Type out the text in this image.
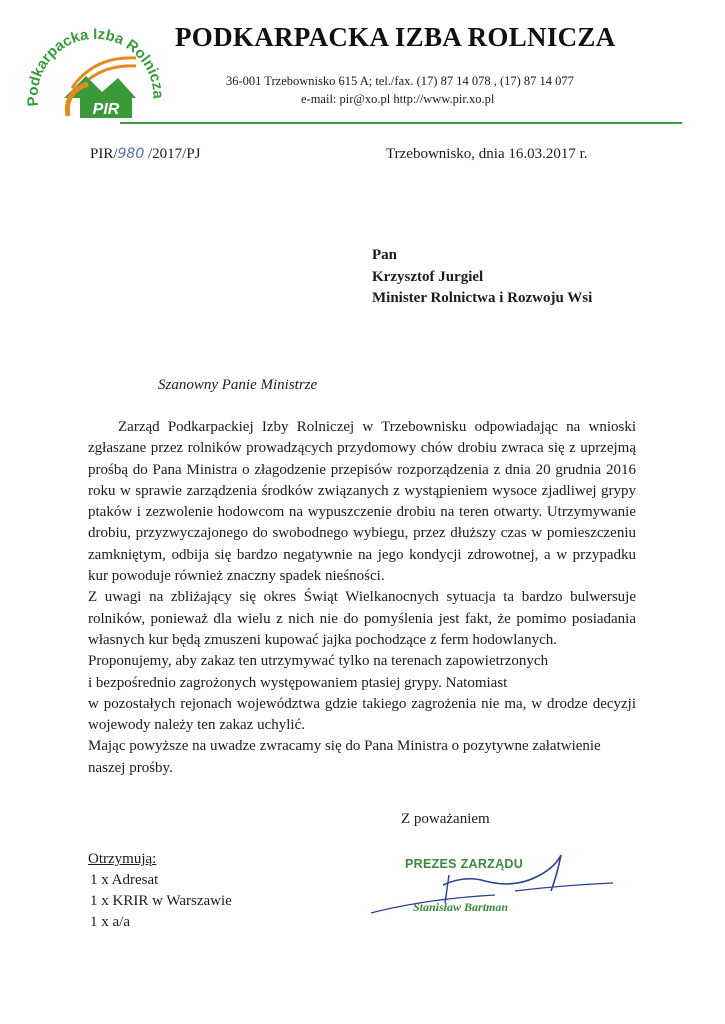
Podkarpacka Izba Rolnicza
PIR
PODKARPACKA IZBA ROLNICZA
36-001 Trzebownisko 615 A; tel./fax. (17) 87 14 078 , (17) 87 14 077
e-mail: pir@xo.pl http://www.pir.xo.pl
PIR/980 /2017/PJ	Trzebownisko, dnia 16.03.2017 r.
Pan
Krzysztof Jurgiel
Minister Rolnictwa i Rozwoju Wsi
Szanowny Panie Ministrze

Zarząd Podkarpackiej Izby Rolniczej w Trzebownisku odpowiadając na wnioski zgłaszane przez rolników prowadzących przydomowy chów drobiu zwraca się z uprzejmą prośbą do Pana Ministra o złagodzenie przepisów rozporządzenia z dnia 20 grudnia 2016 roku w sprawie zarządzenia środków związanych z wystąpieniem wysoce zjadliwej grypy ptaków i zezwolenie hodowcom na wypuszczenie drobiu na teren otwarty. Utrzymywanie drobiu, przyzwyczajonego do swobodnego wybiegu, przez dłuższy czas w pomieszczeniu zamkniętym, odbija się bardzo negatywnie na jego kondycji zdrowotnej, a w przypadku kur powoduje również znaczny spadek nieśności.

Z uwagi na zbliżający się okres Świąt Wielkanocnych sytuacja ta bardzo bulwersuje rolników, ponieważ dla wielu z nich nie do pomyślenia jest fakt, że pomimo posiadania własnych kur będą zmuszeni kupować jajka pochodzące z ferm hodowlanych.

Proponujemy, aby zakaz ten utrzymywać tylko na terenach zapowietrzonych

i bezpośrednio zagrożonych występowaniem ptasiej grypy. Natomiast

w pozostałych rejonach województwa gdzie takiego zagrożenia nie ma, w drodze decyzji wojewody należy ten zakaz uchylić.

Mając powyższe na uwadze zwracamy się do Pana Ministra o pozytywne załatwienie naszej prośby.

Z poważaniem
Otrzymują:
1 x Adresat
1 x KRIR w Warszawie
1 x a/a
PREZES ZARZĄDU
Stanisław Bartman
